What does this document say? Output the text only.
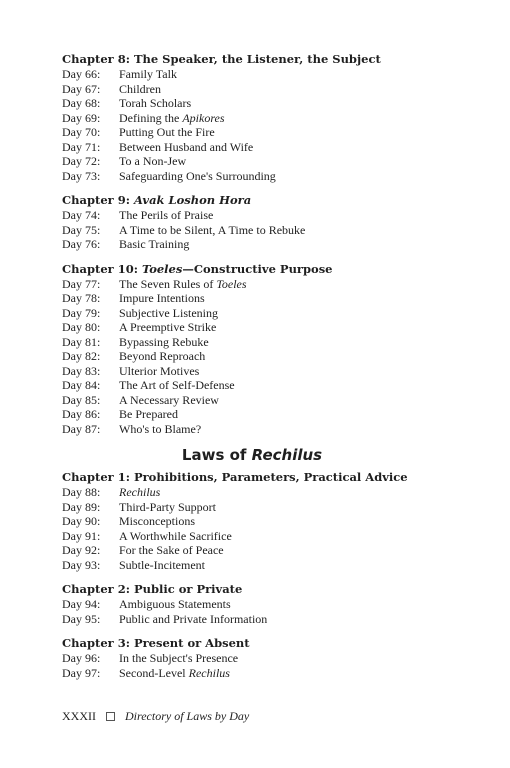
Chapter 8: The Speaker, the Listener, the Subject
Day 66:	Family Talk
Day 67:	Children
Day 68:	Torah Scholars
Day 69:	Defining the Apikores
Day 70:	Putting Out the Fire
Day 71:	Between Husband and Wife
Day 72:	To a Non-Jew
Day 73:	Safeguarding One's Surrounding
Chapter 9: Avak Loshon Hora
Day 74:	The Perils of Praise
Day 75:	A Time to be Silent, A Time to Rebuke
Day 76:	Basic Training
Chapter 10: Toeles—Constructive Purpose
Day 77:	The Seven Rules of Toeles
Day 78:	Impure Intentions
Day 79:	Subjective Listening
Day 80:	A Preemptive Strike
Day 81:	Bypassing Rebuke
Day 82:	Beyond Reproach
Day 83:	Ulterior Motives
Day 84:	The Art of Self-Defense
Day 85:	A Necessary Review
Day 86:	Be Prepared
Day 87:	Who's to Blame?
Laws of Rechilus
Chapter 1: Prohibitions, Parameters, Practical Advice
Day 88:	Rechilus
Day 89:	Third-Party Support
Day 90:	Misconceptions
Day 91:	A Worthwhile Sacrifice
Day 92:	For the Sake of Peace
Day 93:	Subtle-Incitement
Chapter 2: Public or Private
Day 94:	Ambiguous Statements
Day 95:	Public and Private Information
Chapter 3: Present or Absent
Day 96:	In the Subject's Presence
Day 97:	Second-Level Rechilus
XXXII Directory of Laws by Day
